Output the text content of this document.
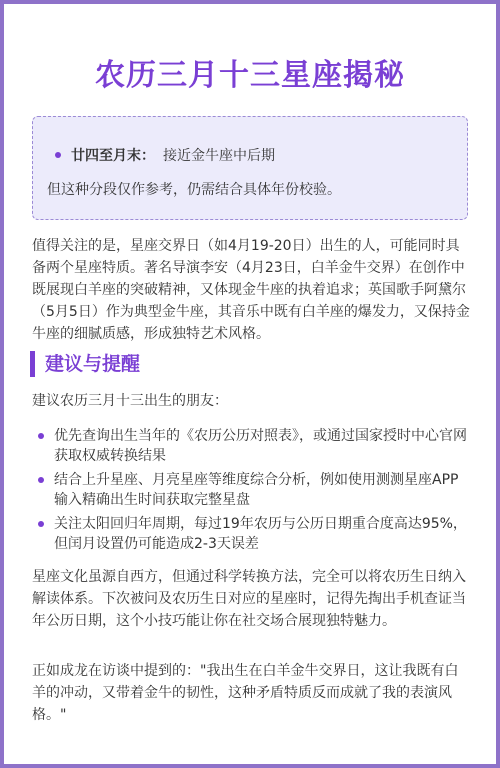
农历三月十三星座揭秘
廿四至月末： 接近金牛座中后期
但这种分段仅作参考，仍需结合具体年份校验。

值得关注的是，星座交界日（如4月19-20日）出生的人，可能同时具备两个星座特质。著名导演李安（4月23日，白羊金牛交界）在创作中既展现白羊座的突破精神，又体现金牛座的执着追求；英国歌手阿黛尔（5月5日）作为典型金牛座，其音乐中既有白羊座的爆发力，又保持金牛座的细腻质感，形成独特艺术风格。

建议与提醒

建议农历三月十三出生的朋友：

优先查询出生当年的《农历公历对照表》，或通过国家授时中心官网获取权威转换结果
结合上升星座、月亮星座等维度综合分析，例如使用测测星座APP输入精确出生时间获取完整星盘
关注太阳回归年周期，每过19年农历与公历日期重合度高达95%，但闰月设置仍可能造成2-3天误差

星座文化虽源自西方，但通过科学转换方法，完全可以将农历生日纳入解读体系。下次被问及农历生日对应的星座时，记得先掏出手机查证当年公历日期，这个小技巧能让你在社交场合展现独特魅力。

正如成龙在访谈中提到的："我出生在白羊金牛交界日，这让我既有白羊的冲动，又带着金牛的韧性，这种矛盾特质反而成就了我的表演风格。"
